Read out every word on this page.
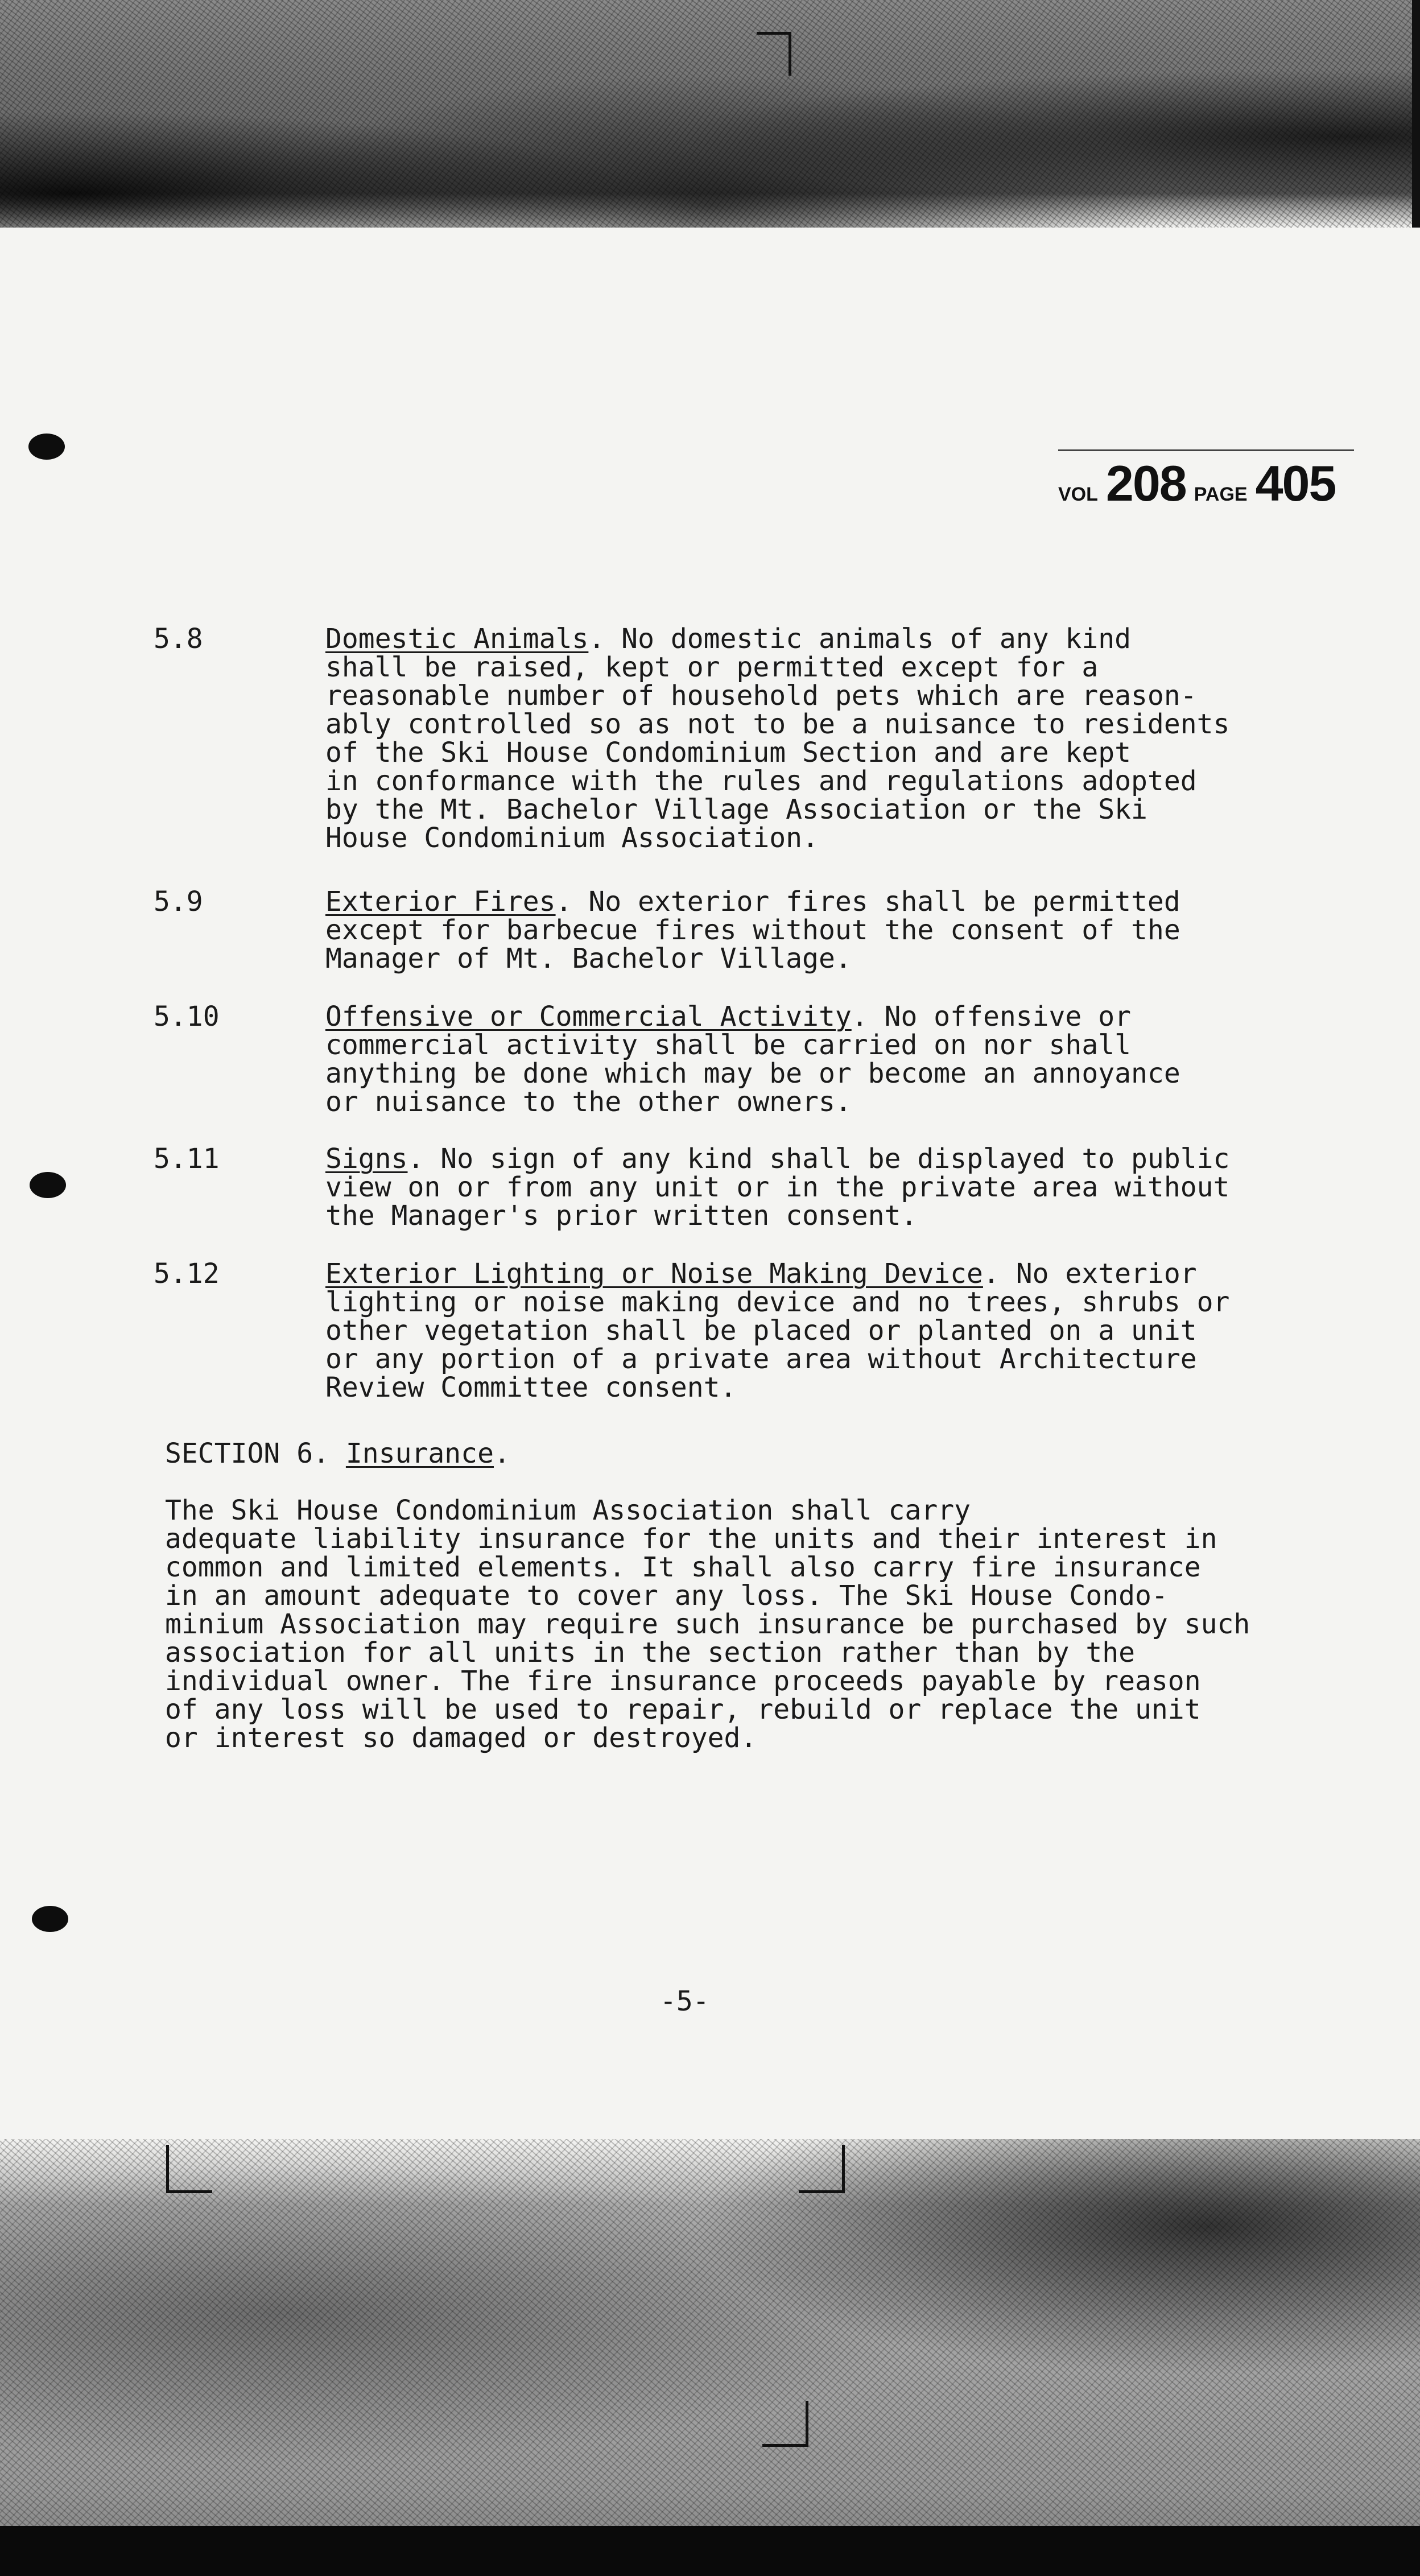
VOL 208 PAGE 405
5.8	Domestic Animals. No domestic animals of any kind
shall be raised, kept or permitted except for a
reasonable number of household pets which are reason-
ably controlled so as not to be a nuisance to residents
of the Ski House Condominium Section and are kept
in conformance with the rules and regulations adopted
by the Mt. Bachelor Village Association or the Ski
House Condominium Association.
5.9	Exterior Fires. No exterior fires shall be permitted
except for barbecue fires without the consent of the
Manager of Mt. Bachelor Village.
5.10	Offensive or Commercial Activity. No offensive or
commercial activity shall be carried on nor shall
anything be done which may be or become an annoyance
or nuisance to the other owners.
5.11	Signs. No sign of any kind shall be displayed to public
view on or from any unit or in the private area without
the Manager's prior written consent.
5.12	Exterior Lighting or Noise Making Device. No exterior
lighting or noise making device and no trees, shrubs or
other vegetation shall be placed or planted on a unit
or any portion of a private area without Architecture
Review Committee consent.
SECTION 6. Insurance.
The Ski House Condominium Association shall carry
adequate liability insurance for the units and their interest in
common and limited elements. It shall also carry fire insurance
in an amount adequate to cover any loss. The Ski House Condo-
minium Association may require such insurance be purchased by such
association for all units in the section rather than by the
individual owner. The fire insurance proceeds payable by reason
of any loss will be used to repair, rebuild or replace the unit
or interest so damaged or destroyed.
-5-
